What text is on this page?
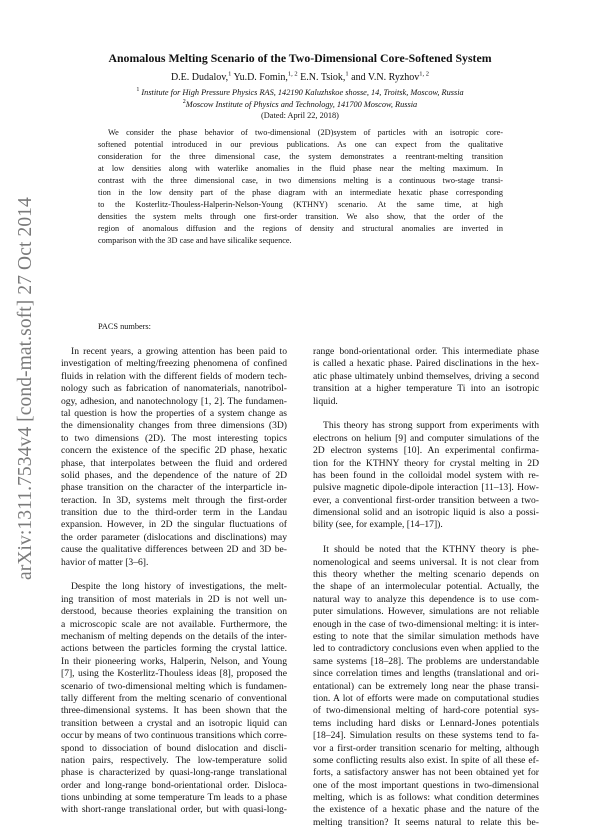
arXiv:1311.7534v4 [cond-mat.soft] 27 Oct 2014
Anomalous Melting Scenario of the Two-Dimensional Core-Softened System
D.E. Dudalov,$^1$ Yu.D. Fomin,$^{1, 2}$ E.N. Tsiok,$^1$ and V.N. Ryzhov$^{1, 2}$
$^1$ Institute for High Pressure Physics RAS, 142190 Kaluzhskoe shosse, 14, Troitsk, Moscow, Russia
$^2$Moscow Institute of Physics and Technology, 141700 Moscow, Russia
(Dated: April 22, 2018)
We consider the phase behavior of two-dimensional (2D)system of particles with an isotropic core-
softened potential introduced in our previous publications. As one can expect from the qualitative
consideration for the three dimensional case, the system demonstrates a reentrant-melting transition
at low densities along with waterlike anomalies in the fluid phase near the melting maximum. In
contrast with the three dimensional case, in two dimensions melting is a continuous two-stage transi-
tion in the low density part of the phase diagram with an intermediate hexatic phase corresponding
to the Kosterlitz-Thouless-Halperin-Nelson-Young (KTHNY) scenario. At the same time, at high
densities the system melts through one first-order transition. We also show, that the order of the
region of anomalous diffusion and the regions of density and structural anomalies are inverted in
comparison with the 3D case and have silicalike sequence.
PACS numbers:
In recent years, a growing attention has been paid to
investigation of melting/freezing phenomena of confined
fluids in relation with the different fields of modern tech-
nology such as fabrication of nanomaterials, nanotribol-
ogy, adhesion, and nanotechnology [1, 2]. The fundamen-
tal question is how the properties of a system change as
the dimensionality changes from three dimensions (3D)
to two dimensions (2D). The most interesting topics
concern the existence of the specific 2D phase, hexatic
phase, that interpolates between the fluid and ordered
solid phases, and the dependence of the nature of 2D
phase transition on the character of the interparticle in-
teraction. In 3D, systems melt through the first-order
transition due to the third-order term in the Landau
expansion. However, in 2D the singular fluctuations of
the order parameter (dislocations and disclinations) may
cause the qualitative differences between 2D and 3D be-
havior of matter [3–6].
Despite the long history of investigations, the melt-
ing transition of most materials in 2D is not well un-
derstood, because theories explaining the transition on
a microscopic scale are not available. Furthermore, the
mechanism of melting depends on the details of the inter-
actions between the particles forming the crystal lattice.
In their pioneering works, Halperin, Nelson, and Young
[7], using the Kosterlitz-Thouless ideas [8], proposed the
scenario of two-dimensional melting which is fundamen-
tally different from the melting scenario of conventional
three-dimensional systems. It has been shown that the
transition between a crystal and an isotropic liquid can
occur by means of two continuous transitions which corre-
spond to dissociation of bound dislocation and discli-
nation pairs, respectively. The low-temperature solid
phase is characterized by quasi-long-range translational
order and long-range bond-orientational order. Disloca-
tions unbinding at some temperature Tm leads to a phase
with short-range translational order, but with quasi-long-
range bond-orientational order. This intermediate phase
is called a hexatic phase. Paired disclinations in the hex-
atic phase ultimately unbind themselves, driving a second
transition at a higher temperature Ti into an isotropic
liquid.
This theory has strong support from experiments with
electrons on helium [9] and computer simulations of the
2D electron systems [10]. An experimental confirma-
tion for the KTHNY theory for crystal melting in 2D
has been found in the colloidal model system with re-
pulsive magnetic dipole-dipole interaction [11–13]. How-
ever, a conventional first-order transition between a two-
dimensional solid and an isotropic liquid is also a possi-
bility (see, for example, [14–17]).
It should be noted that the KTHNY theory is phe-
nomenological and seems universal. It is not clear from
this theory whether the melting scenario depends on
the shape of an intermolecular potential. Actually, the
natural way to analyze this dependence is to use com-
puter simulations. However, simulations are not reliable
enough in the case of two-dimensional melting: it is inter-
esting to note that the similar simulation methods have
led to contradictory conclusions even when applied to the
same systems [18–28]. The problems are understandable
since correlation times and lengths (translational and ori-
entational) can be extremely long near the phase transi-
tion. A lot of efforts were made on computational studies
of two-dimensional melting of hard-core potential sys-
tems including hard disks or Lennard-Jones potentials
[18–24]. Simulation results on these systems tend to fa-
vor a first-order transition scenario for melting, although
some conflicting results also exist. In spite of all these ef-
forts, a satisfactory answer has not been obtained yet for
one of the most important questions in two-dimensional
melting, which is as follows: what condition determines
the existence of a hexatic phase and the nature of the
melting transition? It seems natural to relate this be-
